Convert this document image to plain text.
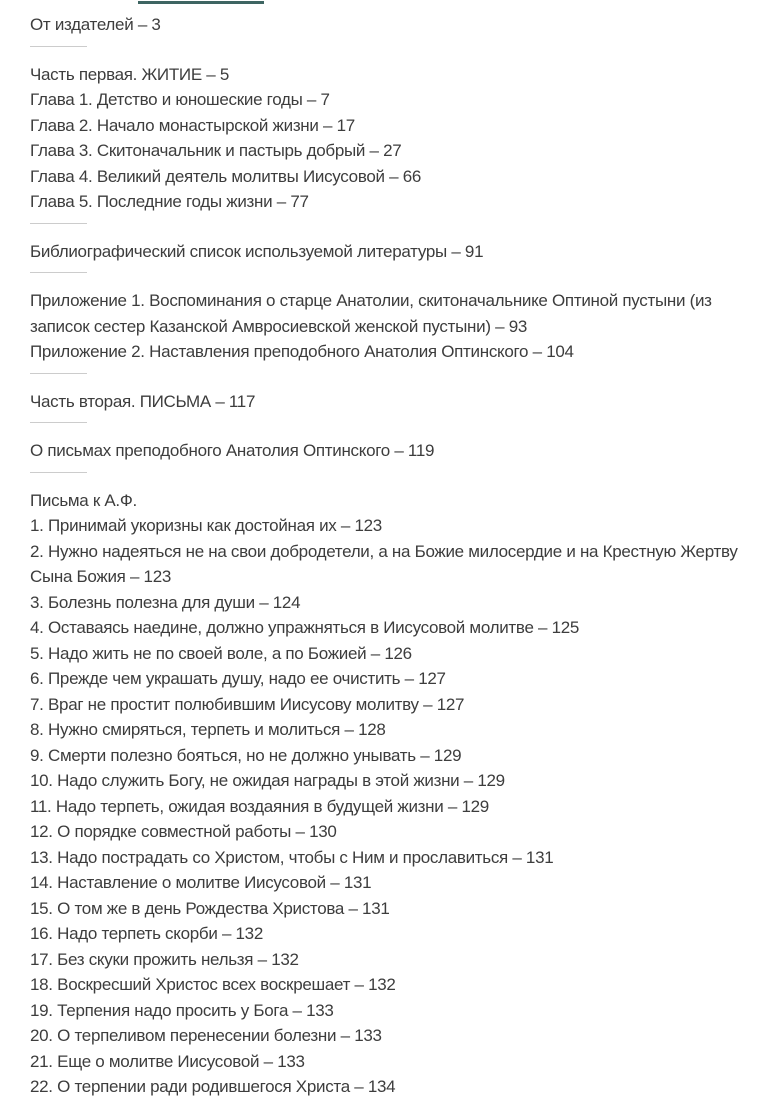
От издателей – 3
Часть первая. ЖИТИЕ – 5
Глава 1. Детство и юношеские годы – 7
Глава 2. Начало монастырской жизни – 17
Глава 3. Скитоначальник и пастырь добрый – 27
Глава 4. Великий деятель молитвы Иисусовой – 66
Глава 5. Последние годы жизни – 77
Библиографический список используемой литературы – 91
Приложение 1. Воспоминания о старце Анатолии, скитоначальнике Оптиной пустыни (из записок сестер Казанской Амвросиевской женской пустыни) – 93
Приложение 2. Наставления преподобного Анатолия Оптинского – 104
Часть вторая. ПИСЬМА – 117
О письмах преподобного Анатолия Оптинского – 119
Письма к А.Ф.
1. Принимай укоризны как достойная их – 123
2. Нужно надеяться не на свои добродетели, а на Божие милосердие и на Крестную Жертву Сына Божия – 123
3. Болезнь полезна для души – 124
4. Оставаясь наедине, должно упражняться в Иисусовой молитве – 125
5. Надо жить не по своей воле, а по Божией – 126
6. Прежде чем украшать душу, надо ее очистить – 127
7. Враг не простит полюбившим Иисусову молитву – 127
8. Нужно смиряться, терпеть и молиться – 128
9. Смерти полезно бояться, но не должно унывать – 129
10. Надо служить Богу, не ожидая награды в этой жизни – 129
11. Надо терпеть, ожидая воздаяния в будущей жизни – 129
12. О порядке совместной работы – 130
13. Надо пострадать со Христом, чтобы с Ним и прославиться – 131
14. Наставление о молитве Иисусовой – 131
15. О том же в день Рождества Христова – 131
16. Надо терпеть скорби – 132
17. Без скуки прожить нельзя – 132
18. Воскресший Христос всех воскрешает – 132
19. Терпения надо просить у Бога – 133
20. О терпеливом перенесении болезни – 133
21. Еще о молитве Иисусовой – 133
22. О терпении ради родившегося Христа – 134
